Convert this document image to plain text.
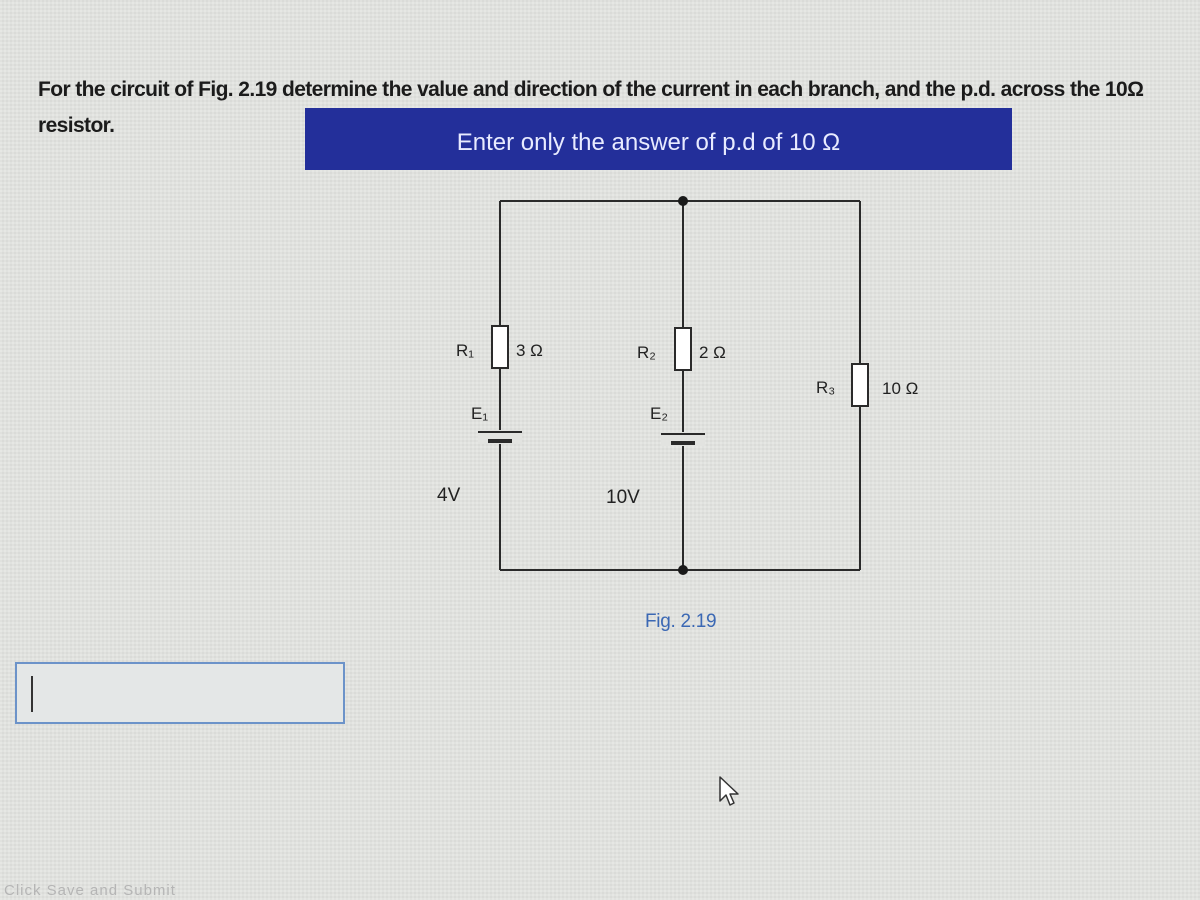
For the circuit of Fig. 2.19 determine the value and direction of the current in each branch, and the p.d. across the 10Ω resistor.
Enter only the answer of p.d of 10 Ω
R₁ 3 Ω	R₂	2 Ω
R₃	10 Ω
E₁	E₂
4V	10V
Fig. 2.19
Click Save and Submit
